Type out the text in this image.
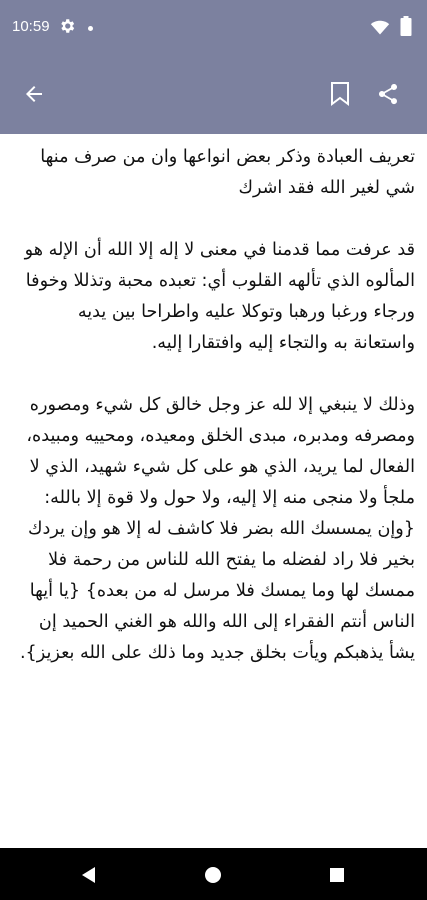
10:59

تعريف العبادة وذكر بعض انواعها وان من صرف منها شي لغير الله فقد اشرك

قد عرفت مما قدمنا في معنى لا إله إلا الله أن الإله هو المألوه الذي تألهه القلوب أي: تعبده محبة وتذللا وخوفا ورجاء ورغبا ورهبا وتوكلا عليه واطراحا بين يديه واستعانة به والتجاء إليه وافتقارا إليه.

وذلك لا ينبغي إلا لله عز وجل خالق كل شيء ومصوره ومصرفه ومدبره، مبدى الخلق ومعيده، ومحييه ومبيده، الفعال لما يريد، الذي هو على كل شيء شهيد، الذي لا ملجأ ولا منجى منه إلا إليه، ولا حول ولا قوة إلا بالله: {وإن يمسسك الله بضر فلا كاشف له إلا هو وإن يردك بخير فلا راد لفضله ما يفتح الله للناس من رحمة فلا ممسك لها وما يمسك فلا مرسل له من بعده} {يا أيها الناس أنتم الفقراء إلى الله والله هو الغني الحميد إن يشأ يذهبكم ويأت بخلق جديد وما ذلك على الله بعزيز}.
